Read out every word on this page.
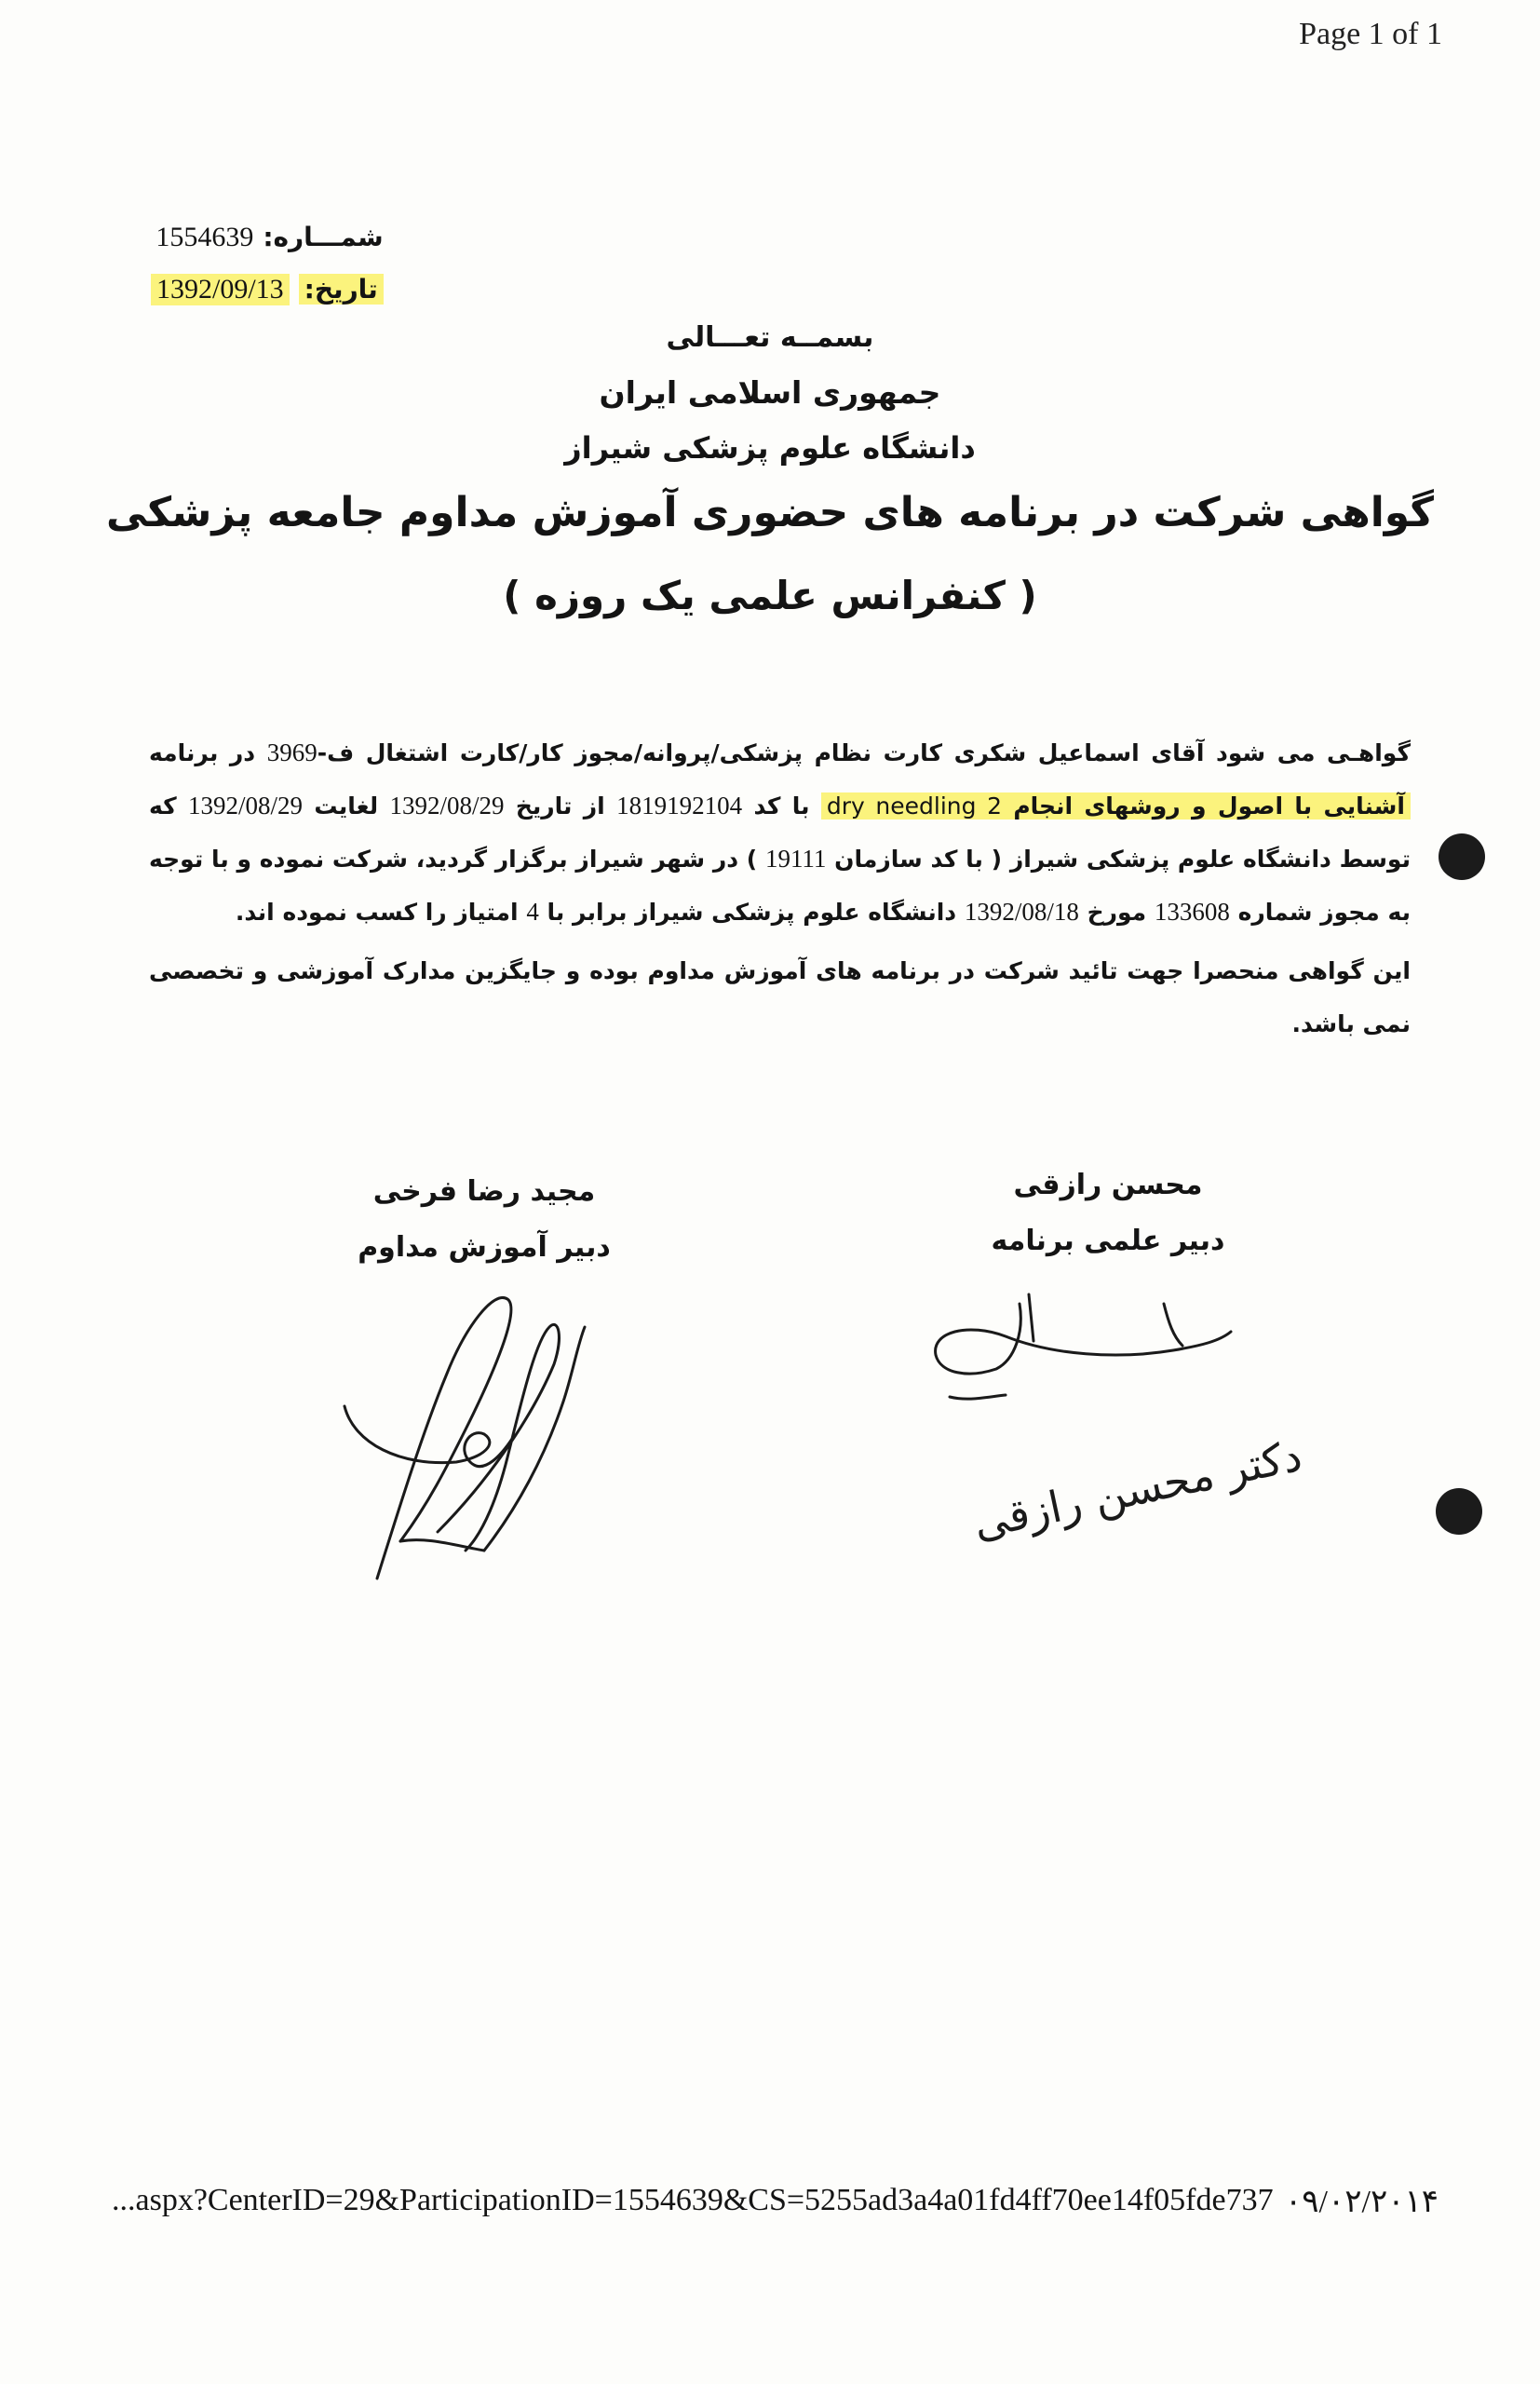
Page 1 of 1
شمـــاره:
1554639
تاریخ:
1392/09/13
بسمــه تعـــالی
جمهوری اسلامی ایران
دانشگاه علوم پزشکی شیراز
گواهی شرکت در برنامه های حضوری آموزش مداوم جامعه پزشکی
( کنفرانس علمی یک روزه )

گواهـی می شود آقای اسماعیل شکری کارت نظام پزشکی/پروانه/مجوز کار/کارت اشتغال ف-3969 در برنامه آشنایی با اصول و روشهای انجام dry needling 2 با کد 1819192104 از تاریخ 1392/08/29 لغایت 1392/08/29 که توسط دانشگاه علوم پزشکی شیراز ( با کد سازمان 19111 ) در شهر شیراز برگزار گردید، شرکت نموده و با توجه به مجوز شماره 133608 مورخ 1392/08/18 دانشگاه علوم پزشکی شیراز برابر با 4 امتیاز را کسب نموده اند.

این گواهی منحصرا جهت تائید شرکت در برنامه های آموزش مداوم بوده و جایگزین مدارک آموزشی و تخصصی نمی باشد.

مجید رضا فرخی
دبیر آموزش مداوم
محسن رازقی
دبیر علمی برنامه
دکتر محسن رازقی
...aspx?CenterID=29&ParticipationID=1554639&CS=5255ad3a4a01fd4ff70ee14f05fde737 ۰۹/۰۲/۲۰۱۴
